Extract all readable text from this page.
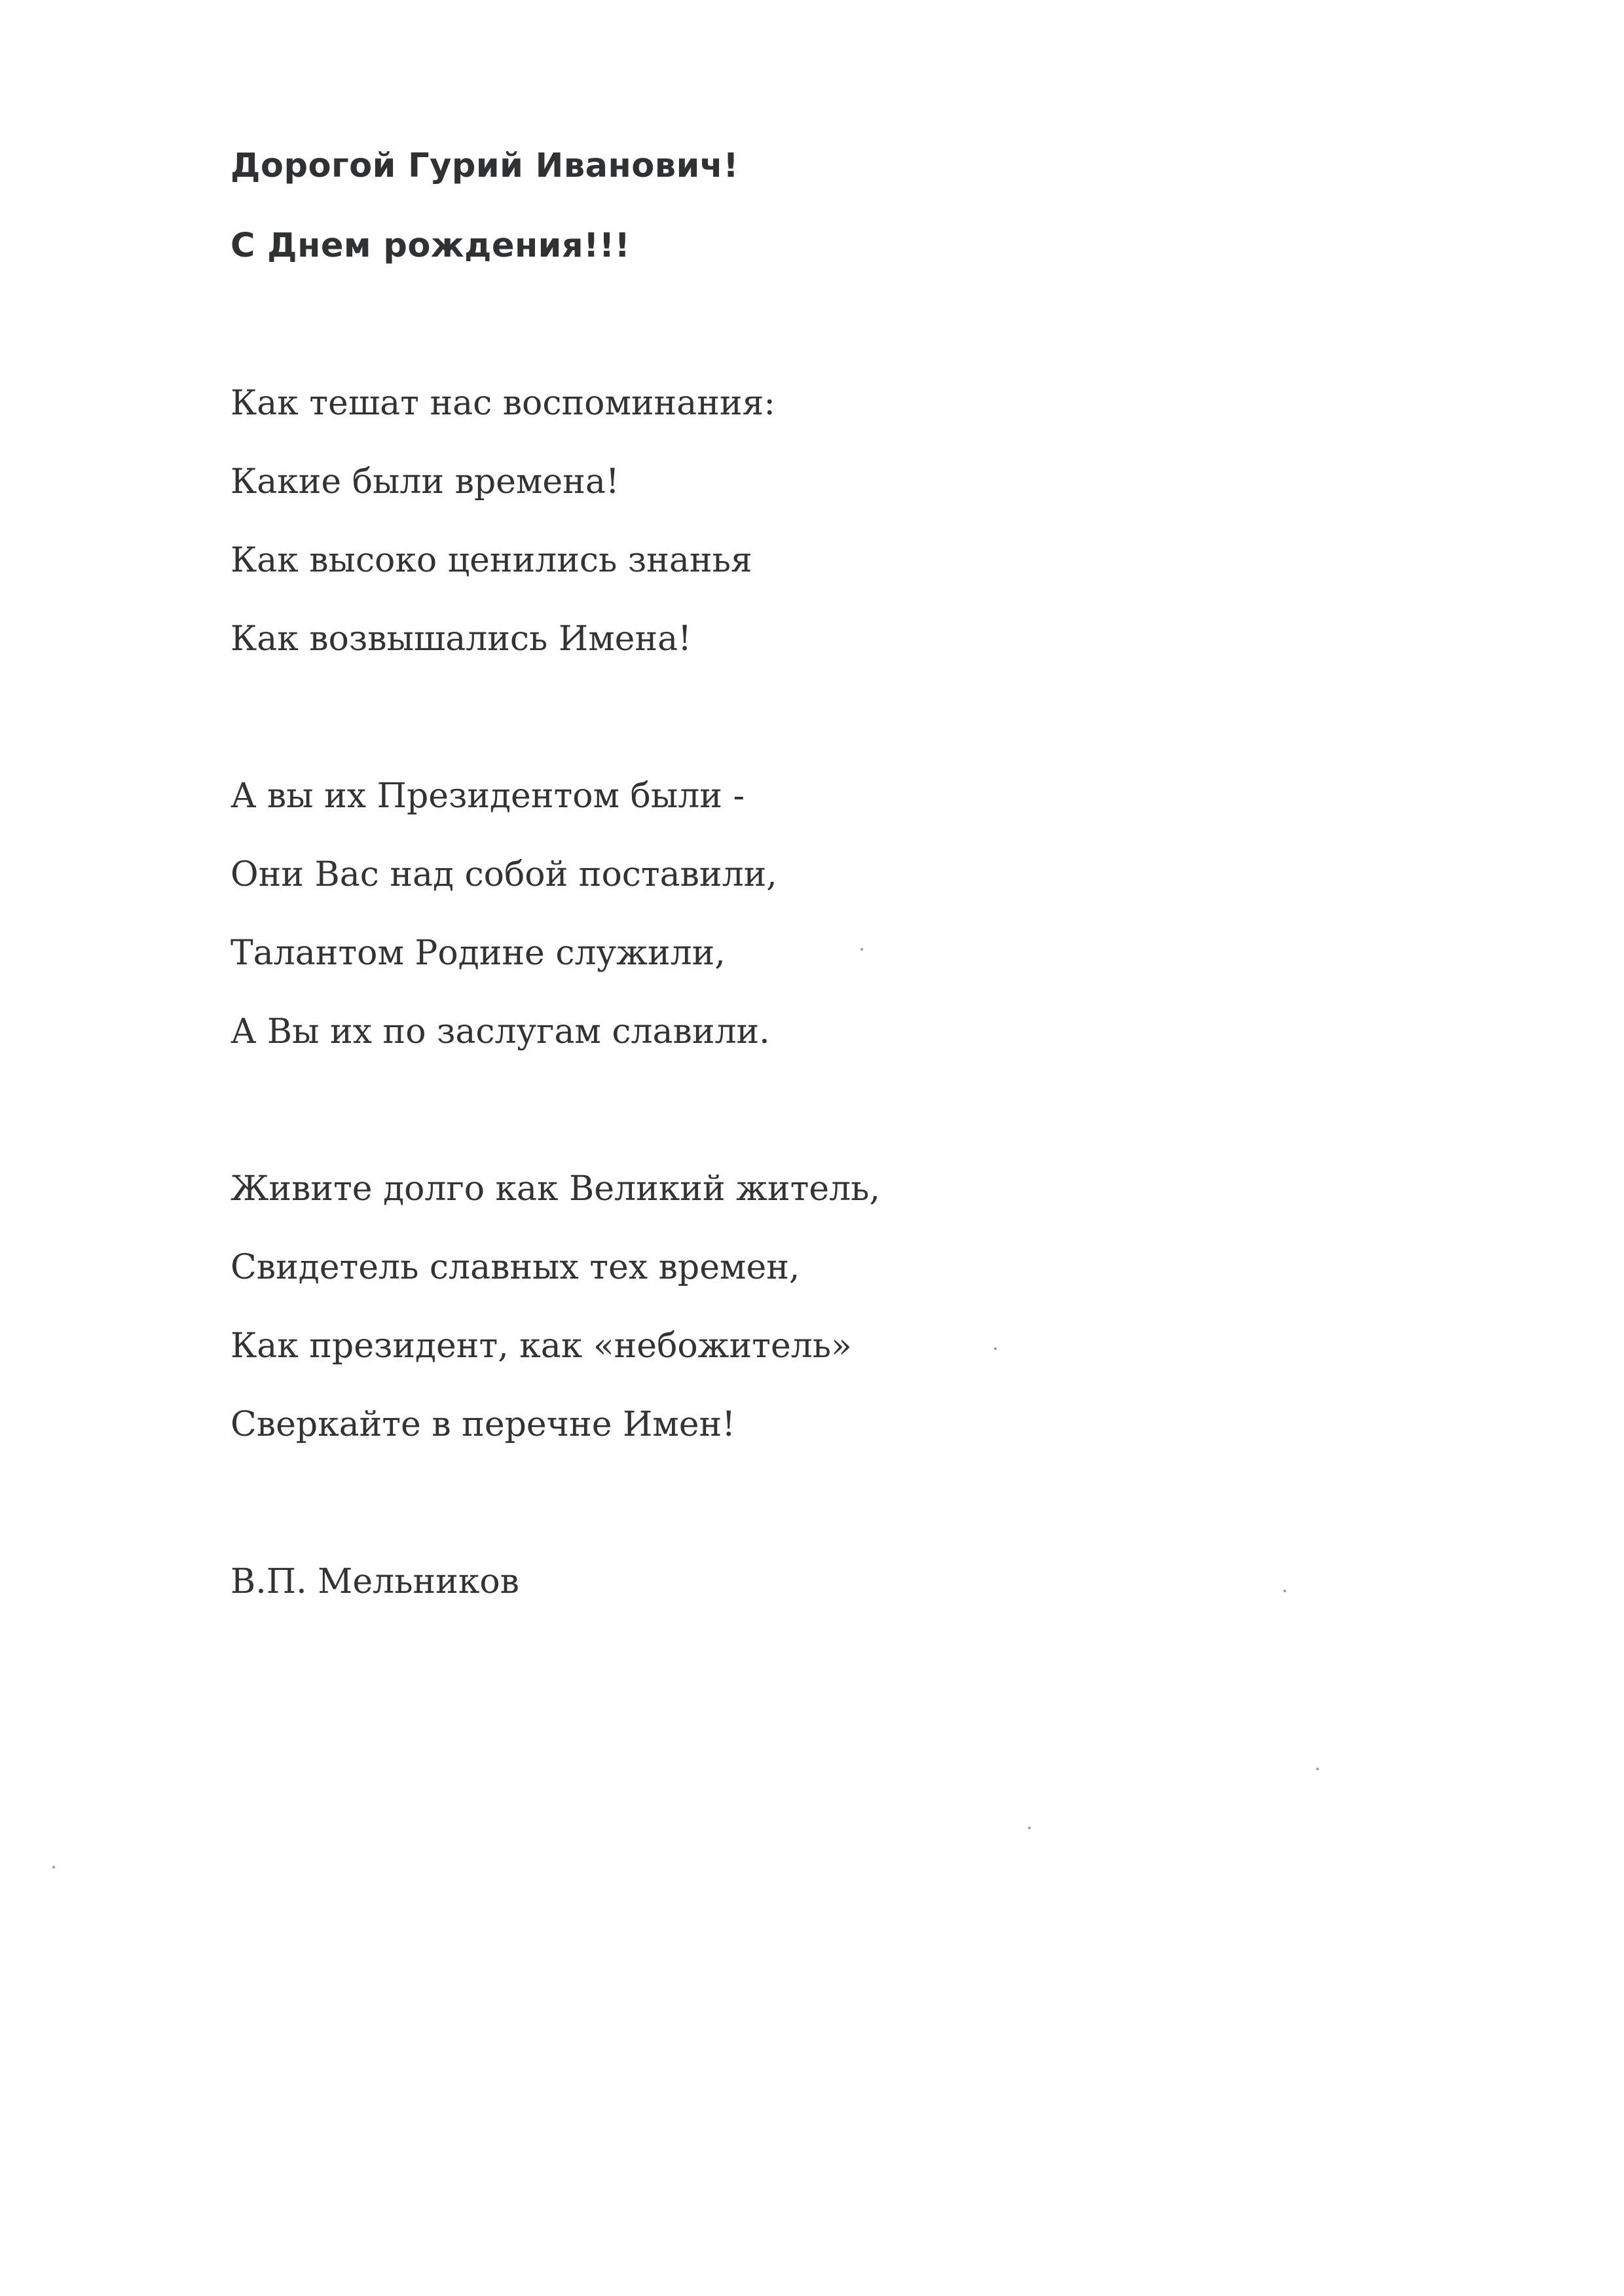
Дорогой Гурий Иванович!

С Днем рождения!!!

Как тешат нас воспоминания:

Какие были времена!

Как высоко ценились знанья

Как возвышались Имена!

А вы их Президентом были -

Они Вас над собой поставили,

Талантом Родине служили,

А Вы их по заслугам славили.

Живите долго как Великий житель,

Свидетель славных тех времен,

Как президент, как «небожитель»

Сверкайте в перечне Имен!

В.П. Мельников
